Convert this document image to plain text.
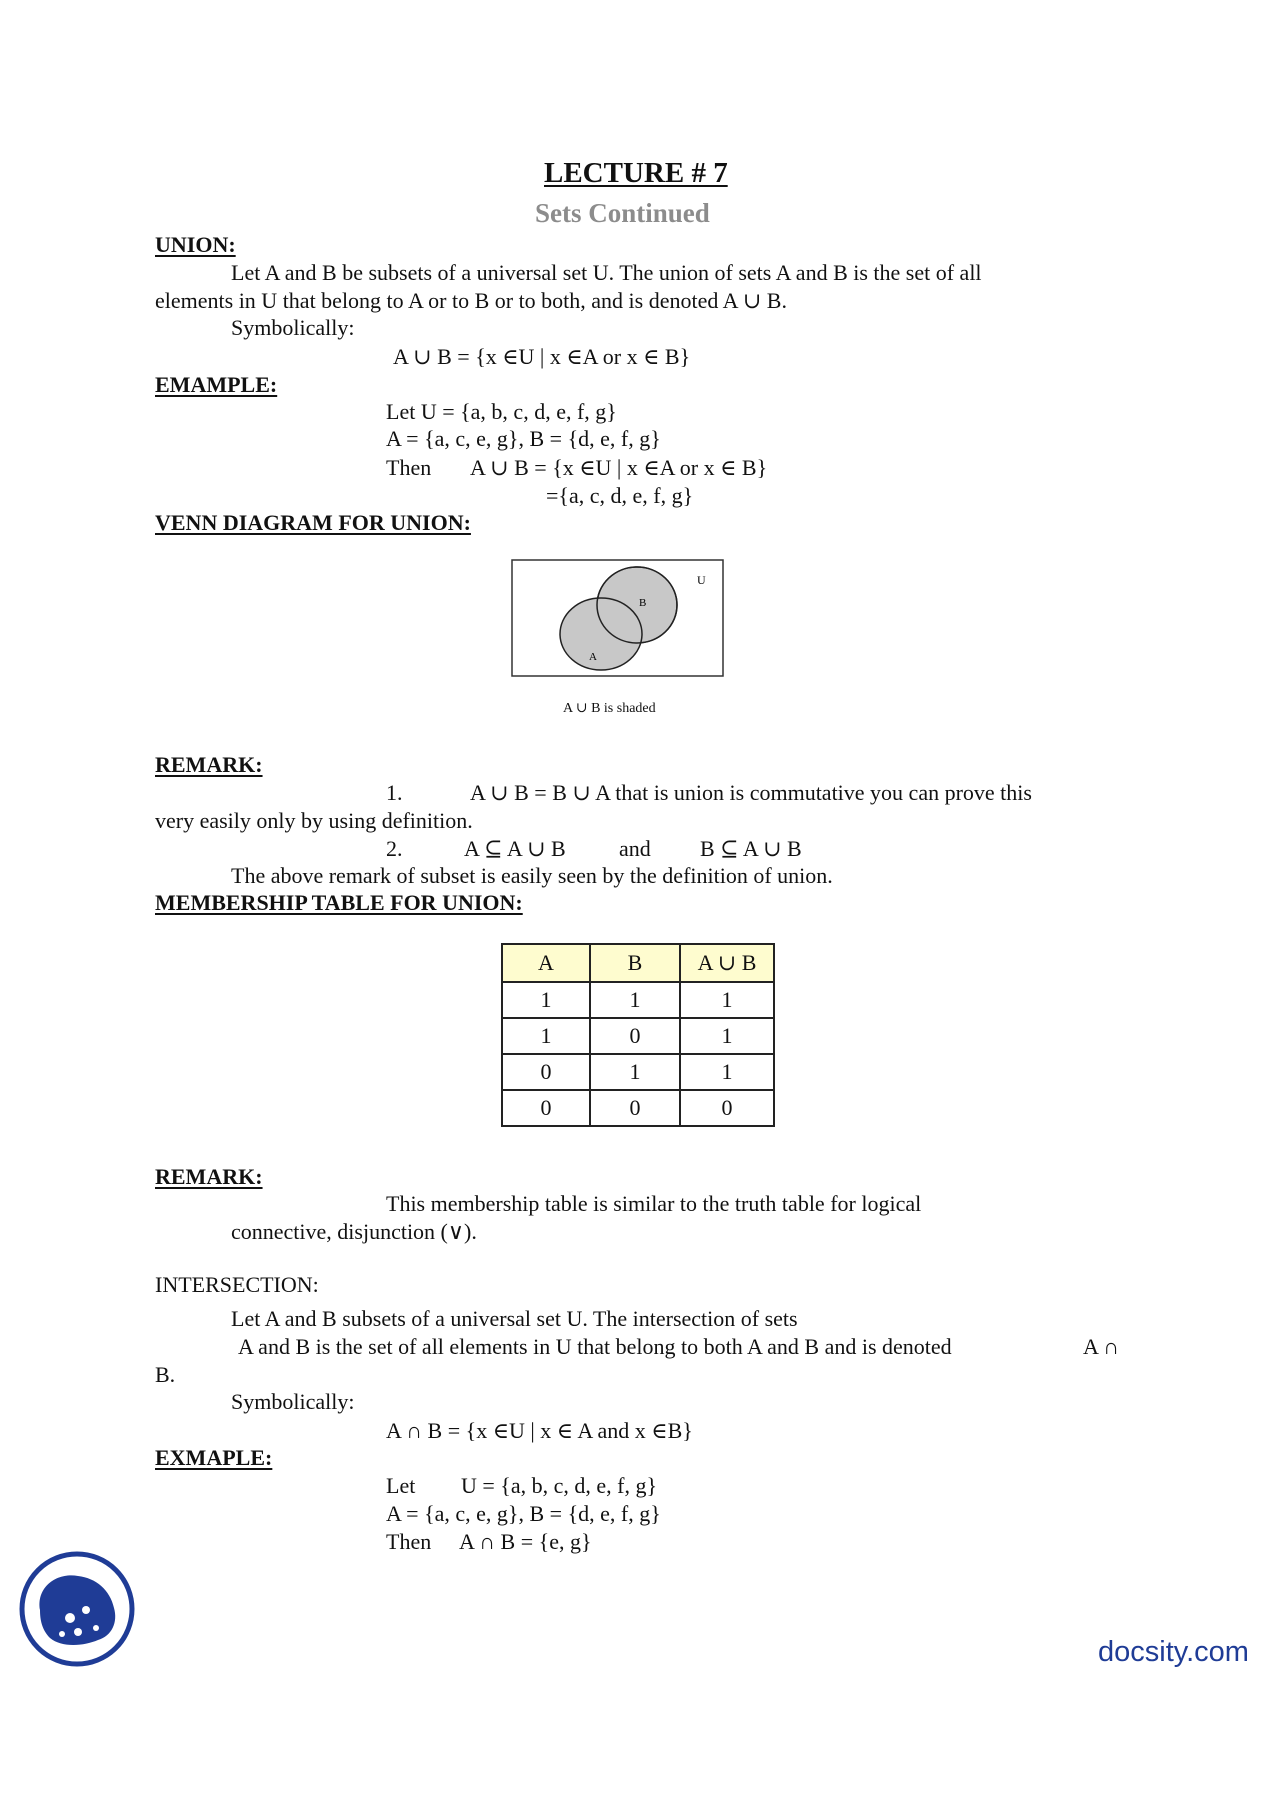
LECTURE # 7
Sets Continued
UNION:
Let A and B be subsets of a universal set U. The union of sets A and B is the set of all
elements in U that belong to A or to B or to both, and is denoted A ∪ B.
Symbolically:
A ∪ B = {x ∈U | x ∈A or x ∈ B}
EMAMPLE:
Let U = {a, b, c, d, e, f, g}
A = {a, c, e, g}, B = {d, e, f, g}
Then A ∪ B = {x ∈U | x ∈A or x ∈ B}
={a, c, d, e, f, g}
VENN DIAGRAM FOR UNION:
U
B
A
A ∪ B is shaded
REMARK:
1.	A ∪ B = B ∪ A that is union is commutative you can prove this
very easily only by using definition.
2.	A ⊆ A ∪ B and B ⊆ A ∪ B
The above remark of subset is easily seen by the definition of union.
MEMBERSHIP TABLE FOR UNION:
A	B	A ∪ B
1	1	1
1	0	1
0	1	1
0	0	0
REMARK:
This membership table is similar to the truth table for logical
connective, disjunction (∨).
INTERSECTION:
Let A and B subsets of a universal set U. The intersection of sets
A and B is the set of all elements in U that belong to both A and B and is denoted	A ∩
B.
Symbolically:
A ∩ B = {x ∈U | x ∈ A and x ∈B}
EXMAPLE:
Let U = {a, b, c, d, e, f, g}
A = {a, c, e, g}, B = {d, e, f, g}
Then A ∩ B = {e, g}
docsity.com
